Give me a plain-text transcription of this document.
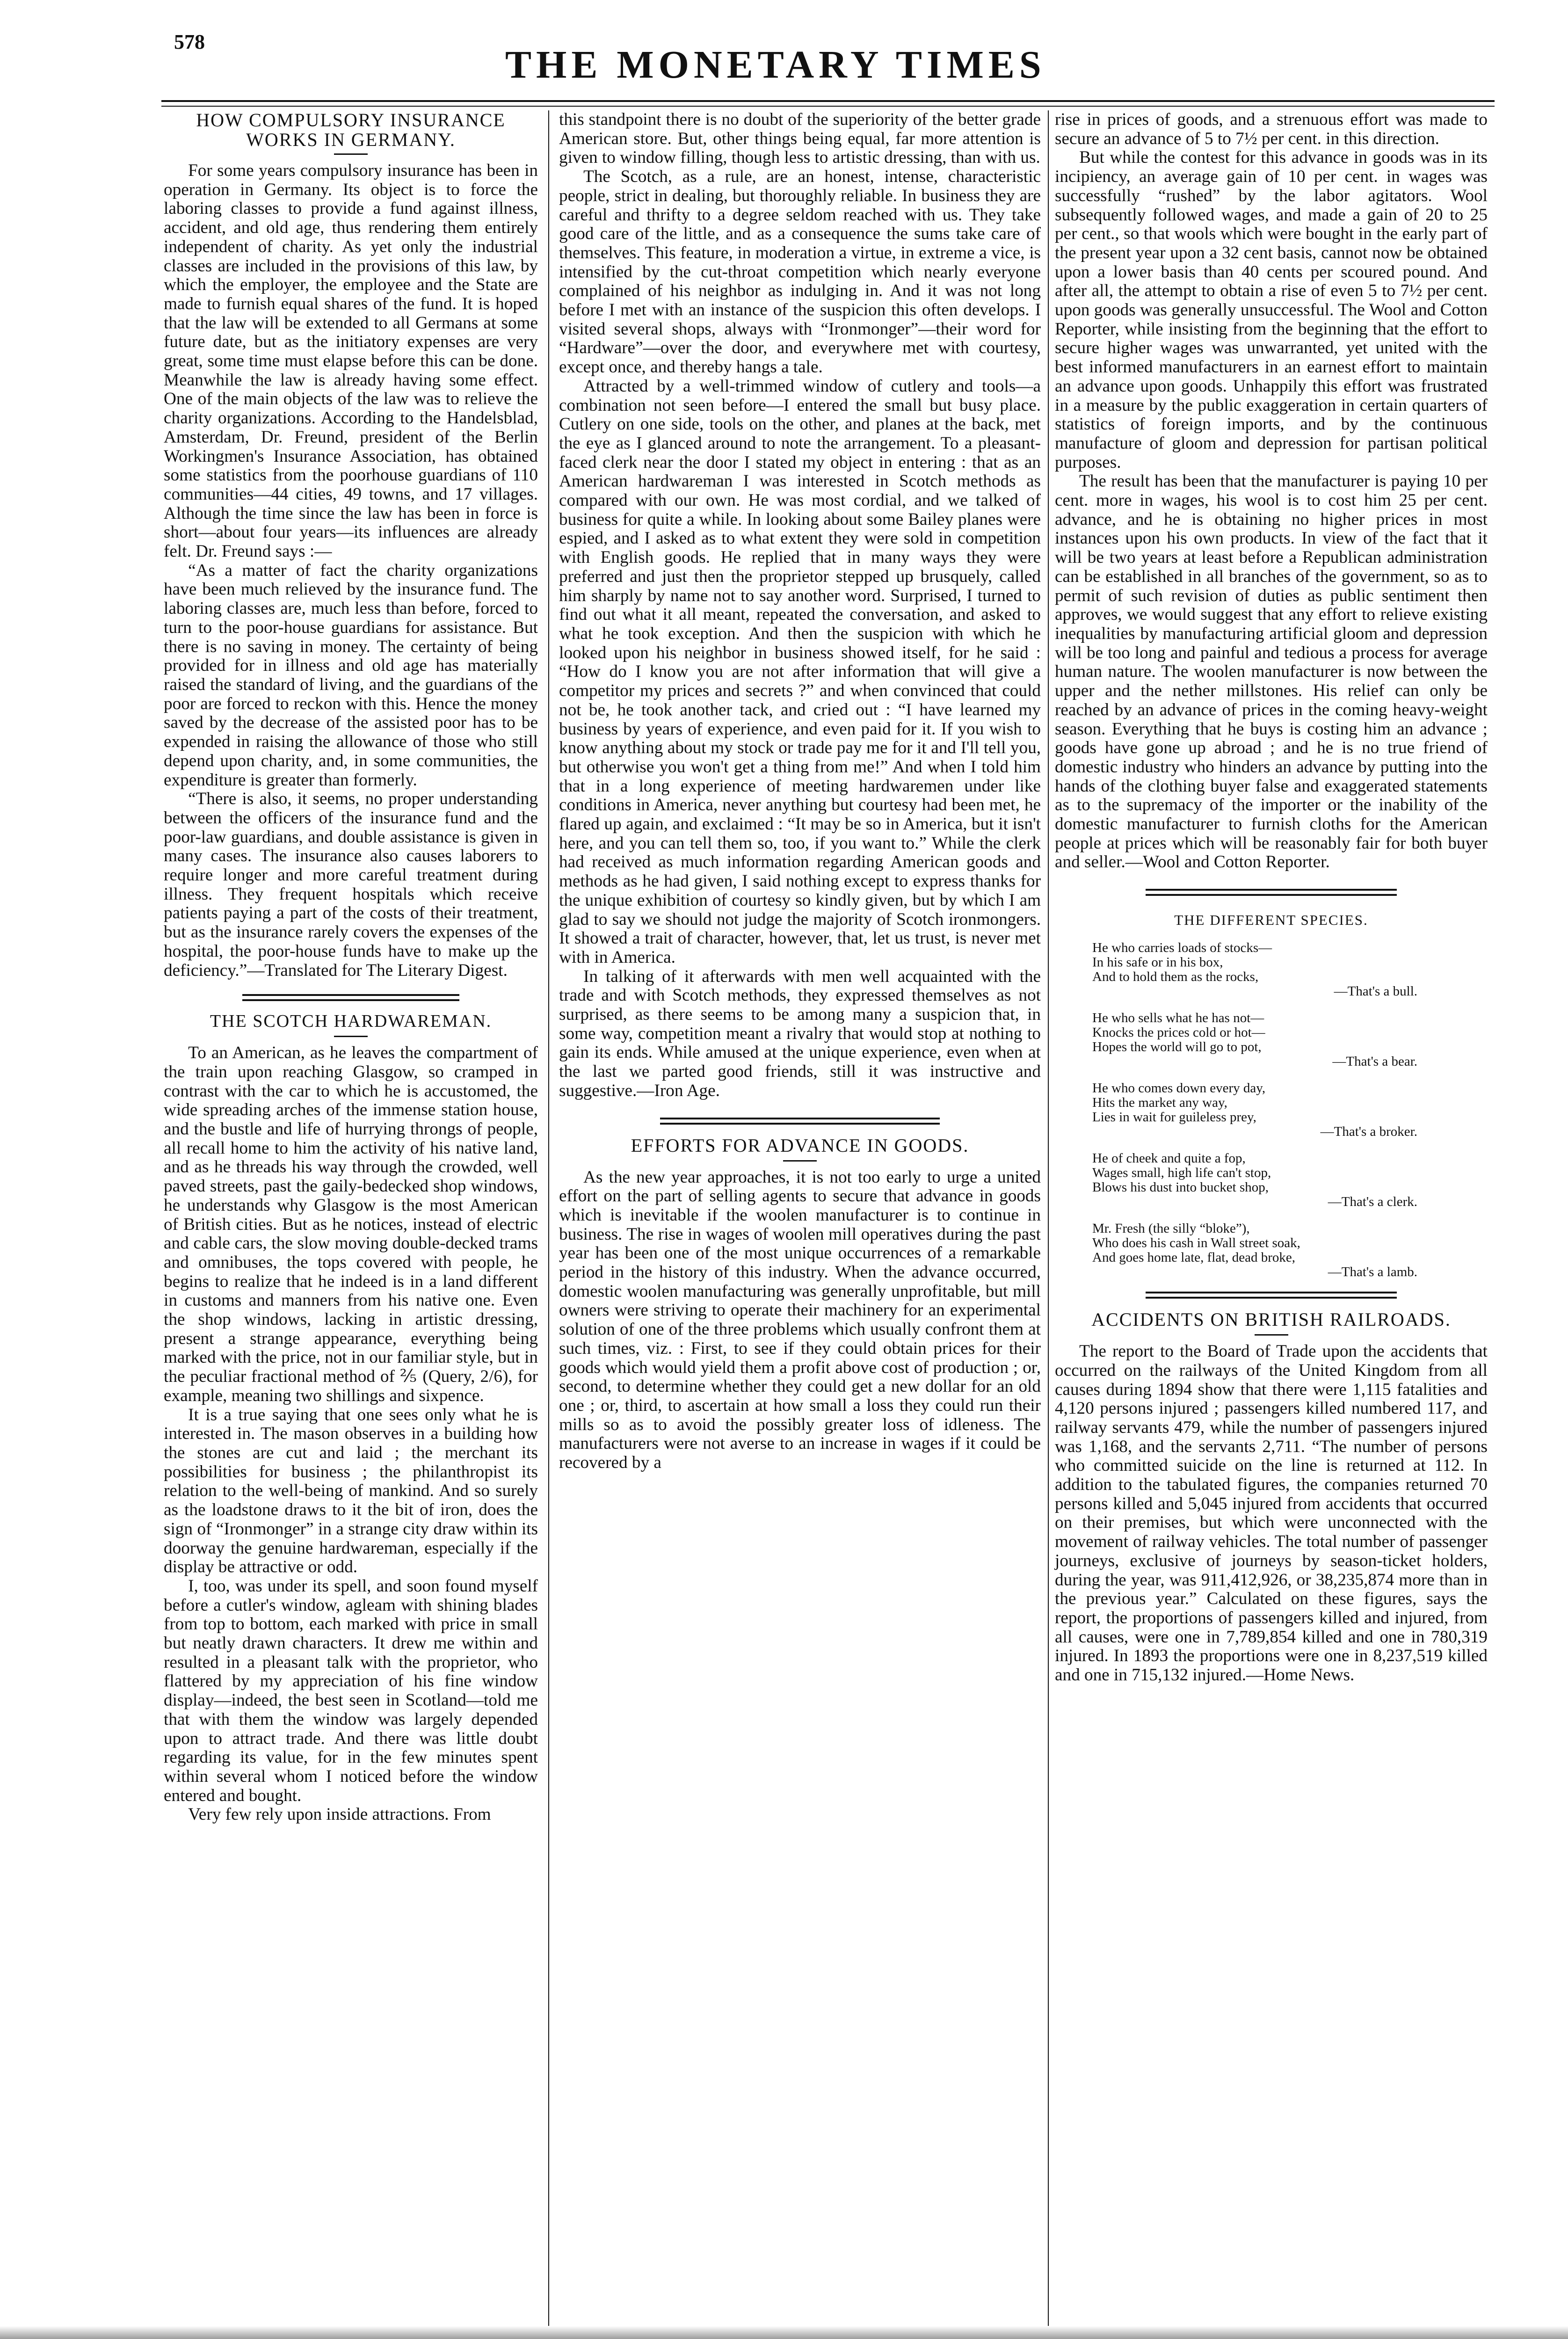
578
THE MONETARY TIMES
HOW COMPULSORY INSURANCE WORKS IN GERMANY.

For some years compulsory insurance has been in operation in Germany. Its object is to force the laboring classes to provide a fund against illness, accident, and old age, thus rendering them entirely independent of charity. As yet only the industrial classes are included in the provisions of this law, by which the employer, the employee and the State are made to furnish equal shares of the fund. It is hoped that the law will be extended to all Germans at some future date, but as the initiatory expenses are very great, some time must elapse before this can be done. Meanwhile the law is already having some effect. One of the main objects of the law was to relieve the charity organizations. According to the Handelsblad, Amsterdam, Dr. Freund, president of the Berlin Workingmen's Insurance Association, has obtained some statistics from the poorhouse guardians of 110 communities—44 cities, 49 towns, and 17 villages. Although the time since the law has been in force is short—about four years—its influences are already felt. Dr. Freund says :—

“As a matter of fact the charity organizations have been much relieved by the insurance fund. The laboring classes are, much less than before, forced to turn to the poor-house guardians for assistance. But there is no saving in money. The certainty of being provided for in illness and old age has materially raised the standard of living, and the guardians of the poor are forced to reckon with this. Hence the money saved by the decrease of the assisted poor has to be expended in raising the allowance of those who still depend upon charity, and, in some communities, the expenditure is greater than formerly.

“There is also, it seems, no proper understanding between the officers of the insurance fund and the poor-law guardians, and double assistance is given in many cases. The insurance also causes laborers to require longer and more careful treatment during illness. They frequent hospitals which receive patients paying a part of the costs of their treatment, but as the insurance rarely covers the expenses of the hospital, the poor-house funds have to make up the deficiency.”—Translated for The Literary Digest.

THE SCOTCH HARDWAREMAN.

To an American, as he leaves the compartment of the train upon reaching Glasgow, so cramped in contrast with the car to which he is accustomed, the wide spreading arches of the immense station house, and the bustle and life of hurrying throngs of people, all recall home to him the activity of his native land, and as he threads his way through the crowded, well paved streets, past the gaily-bedecked shop windows, he understands why Glasgow is the most American of British cities. But as he notices, instead of electric and cable cars, the slow moving double-decked trams and omnibuses, the tops covered with people, he begins to realize that he indeed is in a land different in customs and manners from his native one. Even the shop windows, lacking in artistic dressing, present a strange appearance, everything being marked with the price, not in our familiar style, but in the peculiar fractional method of ⅖ (Query, 2/6), for example, meaning two shillings and sixpence.

It is a true saying that one sees only what he is interested in. The mason observes in a building how the stones are cut and laid ; the merchant its possibilities for business ; the philanthropist its relation to the well-being of mankind. And so surely as the loadstone draws to it the bit of iron, does the sign of “Ironmonger” in a strange city draw within its doorway the genuine hardwareman, especially if the display be attractive or odd.

I, too, was under its spell, and soon found myself before a cutler's window, agleam with shining blades from top to bottom, each marked with price in small but neatly drawn characters. It drew me within and resulted in a pleasant talk with the proprietor, who flattered by my appreciation of his fine window display—indeed, the best seen in Scotland—told me that with them the window was largely depended upon to attract trade. And there was little doubt regarding its value, for in the few minutes spent within several whom I noticed before the window entered and bought.

Very few rely upon inside attractions. From

this standpoint there is no doubt of the superiority of the better grade American store. But, other things being equal, far more attention is given to window filling, though less to artistic dressing, than with us.

The Scotch, as a rule, are an honest, intense, characteristic people, strict in dealing, but thoroughly reliable. In business they are careful and thrifty to a degree seldom reached with us. They take good care of the little, and as a consequence the sums take care of themselves. This feature, in moderation a virtue, in extreme a vice, is intensified by the cut-throat competition which nearly everyone complained of his neighbor as indulging in. And it was not long before I met with an instance of the suspicion this often develops. I visited several shops, always with “Ironmonger”—their word for “Hardware”—over the door, and everywhere met with courtesy, except once, and thereby hangs a tale.

Attracted by a well-trimmed window of cutlery and tools—a combination not seen before—I entered the small but busy place. Cutlery on one side, tools on the other, and planes at the back, met the eye as I glanced around to note the arrangement. To a pleasant-faced clerk near the door I stated my object in entering : that as an American hardwareman I was interested in Scotch methods as compared with our own. He was most cordial, and we talked of business for quite a while. In looking about some Bailey planes were espied, and I asked as to what extent they were sold in competition with English goods. He replied that in many ways they were preferred and just then the proprietor stepped up brusquely, called him sharply by name not to say another word. Surprised, I turned to find out what it all meant, repeated the conversation, and asked to what he took exception. And then the suspicion with which he looked upon his neighbor in business showed itself, for he said : “How do I know you are not after information that will give a competitor my prices and secrets ?” and when convinced that could not be, he took another tack, and cried out : “I have learned my business by years of experience, and even paid for it. If you wish to know anything about my stock or trade pay me for it and I'll tell you, but otherwise you won't get a thing from me!” And when I told him that in a long experience of meeting hardwaremen under like conditions in America, never anything but courtesy had been met, he flared up again, and exclaimed : “It may be so in America, but it isn't here, and you can tell them so, too, if you want to.” While the clerk had received as much information regarding American goods and methods as he had given, I said nothing except to express thanks for the unique exhibition of courtesy so kindly given, but by which I am glad to say we should not judge the majority of Scotch ironmongers. It showed a trait of character, however, that, let us trust, is never met with in America.

In talking of it afterwards with men well acquainted with the trade and with Scotch methods, they expressed themselves as not surprised, as there seems to be among many a suspicion that, in some way, competition meant a rivalry that would stop at nothing to gain its ends. While amused at the unique experience, even when at the last we parted good friends, still it was instructive and suggestive.—Iron Age.

EFFORTS FOR ADVANCE IN GOODS.

As the new year approaches, it is not too early to urge a united effort on the part of selling agents to secure that advance in goods which is inevitable if the woolen manufacturer is to continue in business. The rise in wages of woolen mill operatives during the past year has been one of the most unique occurrences of a remarkable period in the history of this industry. When the advance occurred, domestic woolen manufacturing was generally unprofitable, but mill owners were striving to operate their machinery for an experimental solution of one of the three problems which usually confront them at such times, viz. : First, to see if they could obtain prices for their goods which would yield them a profit above cost of production ; or, second, to determine whether they could get a new dollar for an old one ; or, third, to ascertain at how small a loss they could run their mills so as to avoid the possibly greater loss of idleness. The manufacturers were not averse to an increase in wages if it could be recovered by a

rise in prices of goods, and a strenuous effort was made to secure an advance of 5 to 7½ per cent. in this direction.

But while the contest for this advance in goods was in its incipiency, an average gain of 10 per cent. in wages was successfully “rushed” by the labor agitators. Wool subsequently followed wages, and made a gain of 20 to 25 per cent., so that wools which were bought in the early part of the present year upon a 32 cent basis, cannot now be obtained upon a lower basis than 40 cents per scoured pound. And after all, the attempt to obtain a rise of even 5 to 7½ per cent. upon goods was generally unsuccessful. The Wool and Cotton Reporter, while insisting from the beginning that the effort to secure higher wages was unwarranted, yet united with the best informed manufacturers in an earnest effort to maintain an advance upon goods. Unhappily this effort was frustrated in a measure by the public exaggeration in certain quarters of statistics of foreign imports, and by the continuous manufacture of gloom and depression for partisan political purposes.

The result has been that the manufacturer is paying 10 per cent. more in wages, his wool is to cost him 25 per cent. advance, and he is obtaining no higher prices in most instances upon his own products. In view of the fact that it will be two years at least before a Republican administration can be established in all branches of the government, so as to permit of such revision of duties as public sentiment then approves, we would suggest that any effort to relieve existing inequalities by manufacturing artificial gloom and depression will be too long and painful and tedious a process for average human nature. The woolen manufacturer is now between the upper and the nether millstones. His relief can only be reached by an advance of prices in the coming heavy-weight season. Everything that he buys is costing him an advance ; goods have gone up abroad ; and he is no true friend of domestic industry who hinders an advance by putting into the hands of the clothing buyer false and exaggerated statements as to the supremacy of the importer or the inability of the domestic manufacturer to furnish cloths for the American people at prices which will be reasonably fair for both buyer and seller.—Wool and Cotton Reporter.

THE DIFFERENT SPECIES.
He who carries loads of stocks—
In his safe or in his box,
And to hold them as the rocks,
—That's a bull.
He who sells what he has not—
Knocks the prices cold or hot—
Hopes the world will go to pot,
—That's a bear.
He who comes down every day,
Hits the market any way,
Lies in wait for guileless prey,
—That's a broker.
He of cheek and quite a fop,
Wages small, high life can't stop,
Blows his dust into bucket shop,
—That's a clerk.
Mr. Fresh (the silly “bloke”),
Who does his cash in Wall street soak,
And goes home late, flat, dead broke,
—That's a lamb.
ACCIDENTS ON BRITISH RAILROADS.

The report to the Board of Trade upon the accidents that occurred on the railways of the United Kingdom from all causes during 1894 show that there were 1,115 fatalities and 4,120 persons injured ; passengers killed numbered 117, and railway servants 479, while the number of passengers injured was 1,168, and the servants 2,711. “The number of persons who committed suicide on the line is returned at 112. In addition to the tabulated figures, the companies returned 70 persons killed and 5,045 injured from accidents that occurred on their premises, but which were unconnected with the movement of railway vehicles. The total number of passenger journeys, exclusive of journeys by season-ticket holders, during the year, was 911,412,926, or 38,235,874 more than in the previous year.” Calculated on these figures, says the report, the proportions of passengers killed and injured, from all causes, were one in 7,789,854 killed and one in 780,319 injured. In 1893 the proportions were one in 8,237,519 killed and one in 715,132 injured.—Home News.
